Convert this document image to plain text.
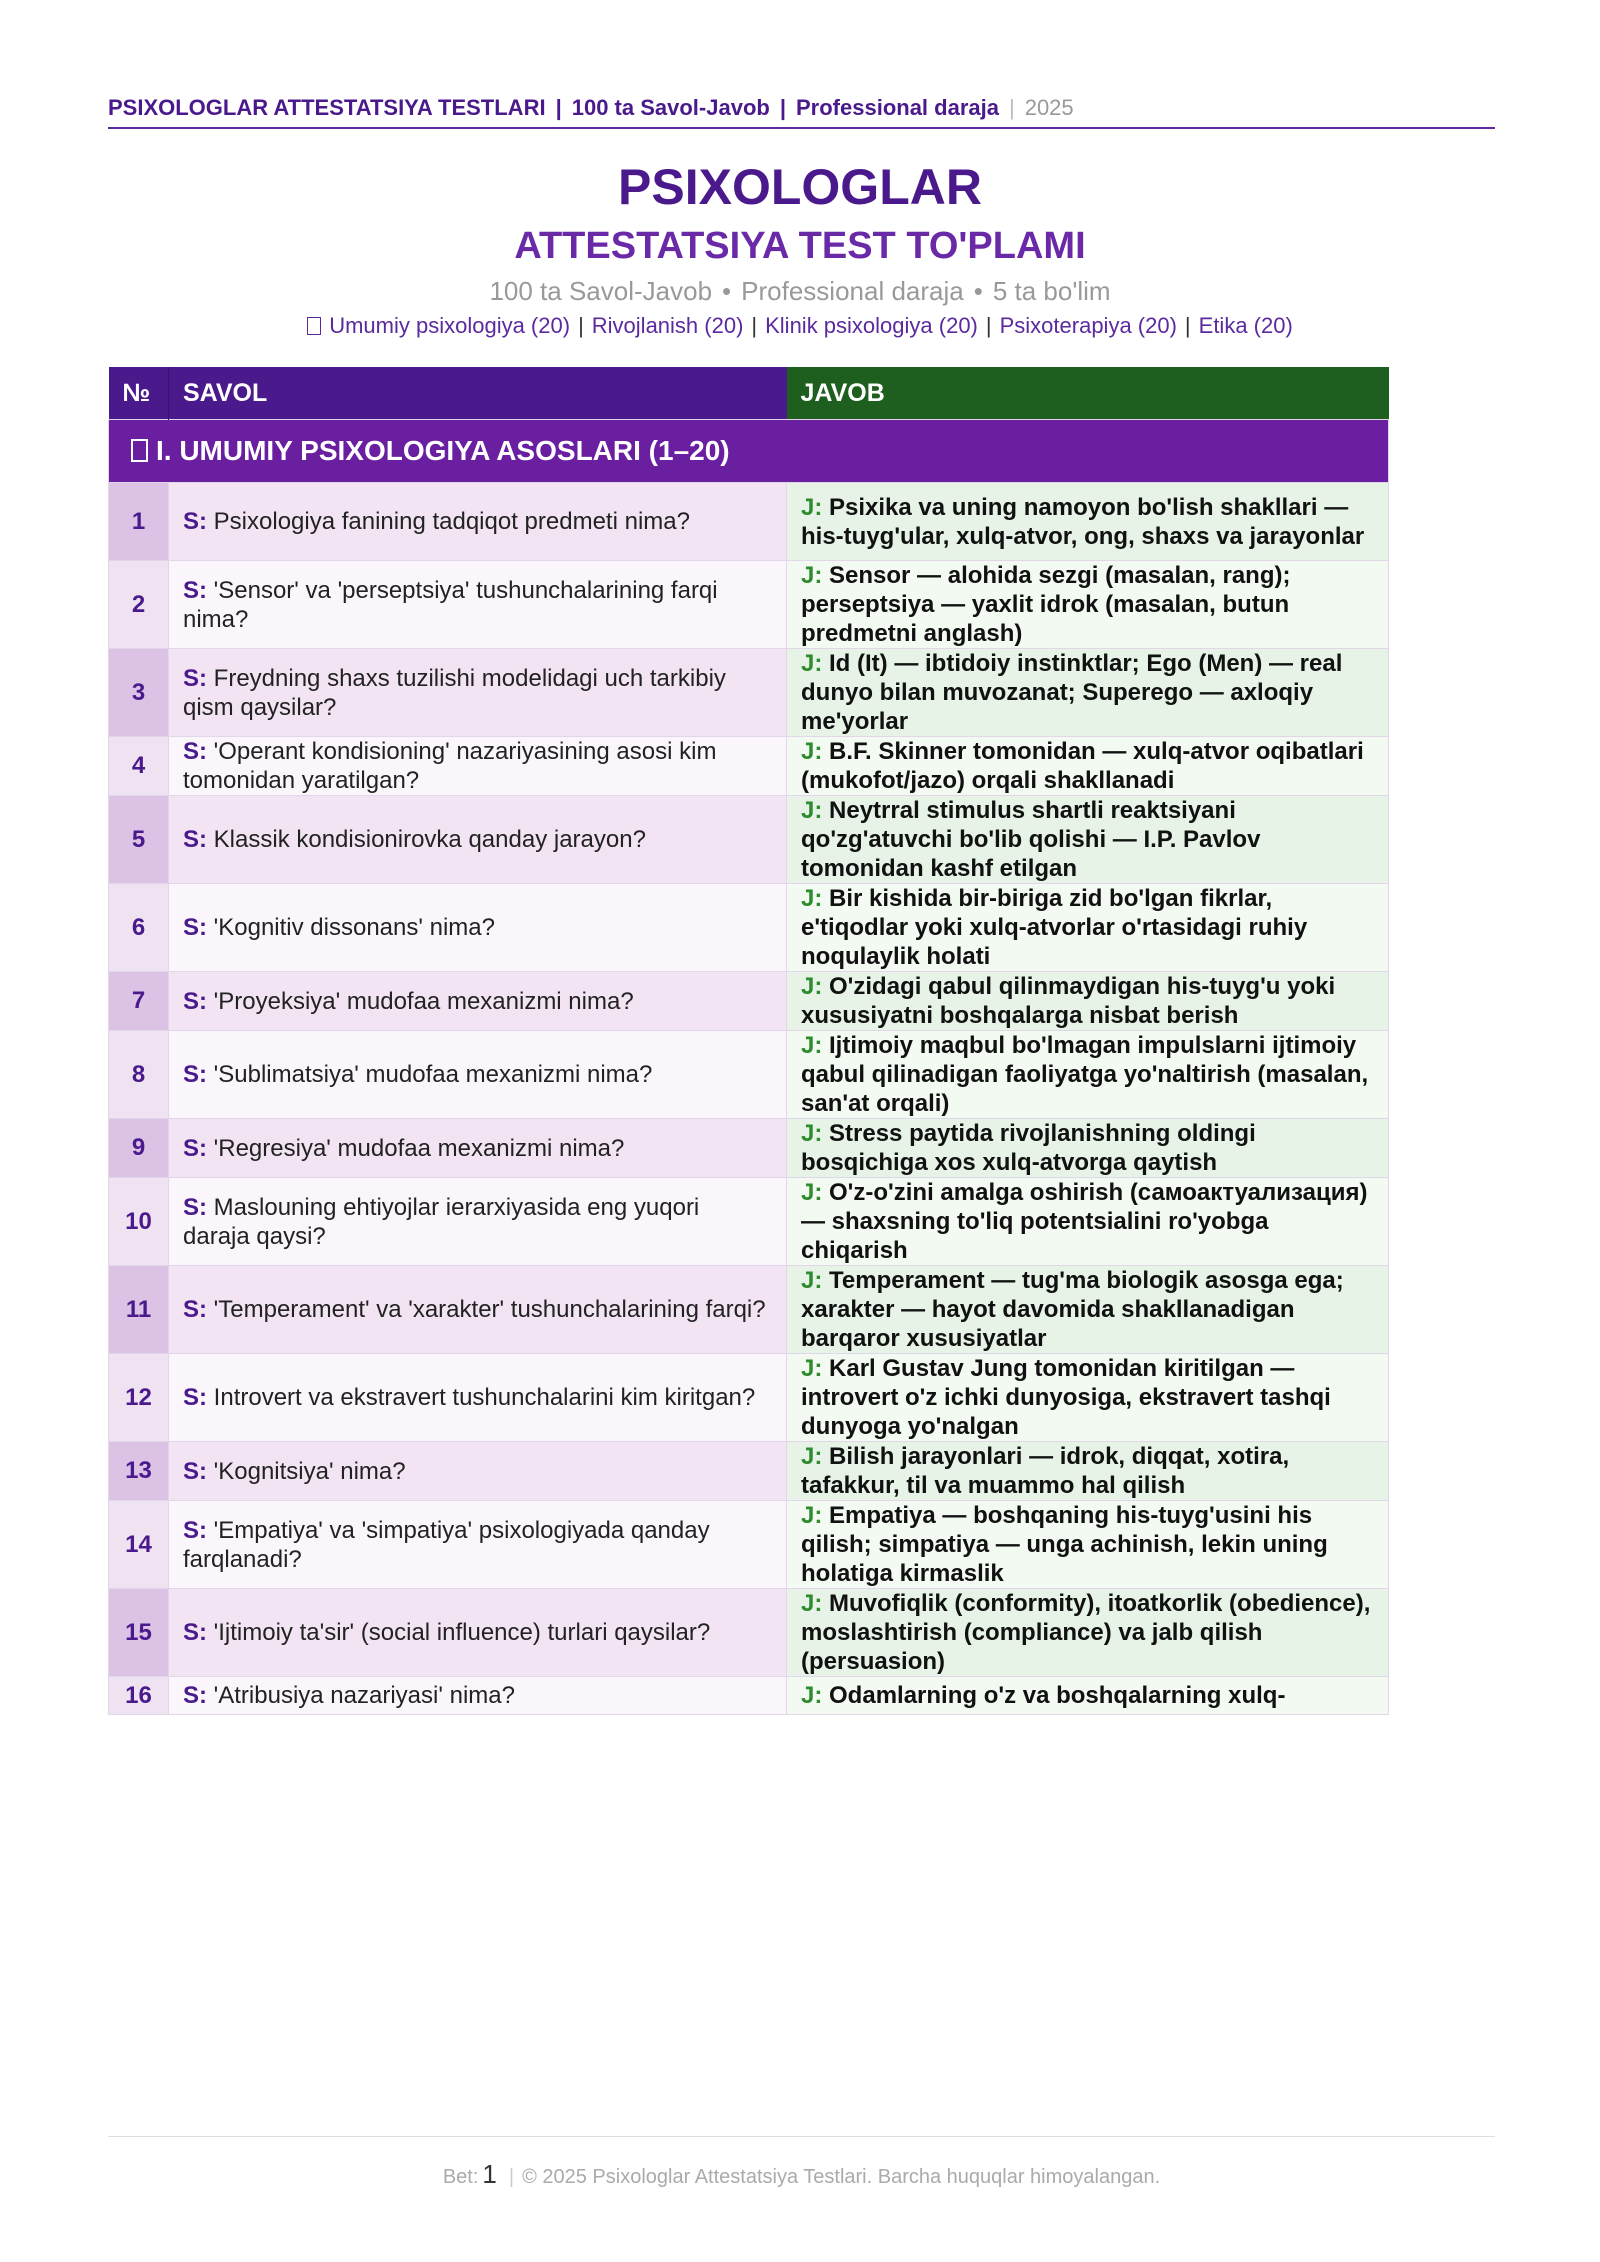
PSIXOLOGLAR ATTESTATSIYA TESTLARI | 100 ta Savol-Javob | Professional daraja | 2025
PSIXOLOGLAR
ATTESTATSIYA TEST TO'PLAMI
100 ta Savol-Javob • Professional daraja • 5 ta bo'lim
Umumiy psixologiya (20) | Rivojlanish (20) | Klinik psixologiya (20) | Psixoterapiya (20) | Etika (20)
№	SAVOL	JAVOB
I. UMUMIY PSIXOLOGIYA ASOSLARI (1–20)		
1	S: Psixologiya fanining tadqiqot predmeti nima?	J: Psixika va uning namoyon bo'lish shakllari — his-tuyg'ular, xulq-atvor, ong, shaxs va jarayonlar
2	S: 'Sensor' va 'perseptsiya' tushunchalarining farqi nima?	J: Sensor — alohida sezgi (masalan, rang); perseptsiya — yaxlit idrok (masalan, butun predmetni anglash)
3	S: Freydning shaxs tuzilishi modelidagi uch tarkibiy qism qaysilar?	J: Id (It) — ibtidoiy instinktlar; Ego (Men) — real dunyo bilan muvozanat; Superego — axloqiy me'yorlar
4	S: 'Operant kondisioning' nazariyasining asosi kim tomonidan yaratilgan?	J: B.F. Skinner tomonidan — xulq-atvor oqibatlari (mukofot/jazo) orqali shakllanadi
5	S: Klassik kondisionirovka qanday jarayon?	J: Neytrral stimulus shartli reaktsiyani qo'zg'atuvchi bo'lib qolishi — I.P. Pavlov tomonidan kashf etilgan
6	S: 'Kognitiv dissonans' nima?	J: Bir kishida bir-biriga zid bo'lgan fikrlar, e'tiqodlar yoki xulq-atvorlar o'rtasidagi ruhiy noqulaylik holati
7	S: 'Proyeksiya' mudofaa mexanizmi nima?	J: O'zidagi qabul qilinmaydigan his-tuyg'u yoki xususiyatni boshqalarga nisbat berish
8	S: 'Sublimatsiya' mudofaa mexanizmi nima?	J: Ijtimoiy maqbul bo'lmagan impulslarni ijtimoiy qabul qilinadigan faoliyatga yo'naltirish (masalan, san'at orqali)
9	S: 'Regresiya' mudofaa mexanizmi nima?	J: Stress paytida rivojlanishning oldingi bosqichiga xos xulq-atvorga qaytish
10	S: Maslouning ehtiyojlar ierarxiyasida eng yuqori daraja qaysi?	J: O'z-o'zini amalga oshirish (самоактуализация) — shaxsning to'liq potentsialini ro'yobga chiqarish
11	S: 'Temperament' va 'xarakter' tushunchalarining farqi?	J: Temperament — tug'ma biologik asosga ega; xarakter — hayot davomida shakllanadigan barqaror xususiyatlar
12	S: Introvert va ekstravert tushunchalarini kim kiritgan?	J: Karl Gustav Jung tomonidan kiritilgan — introvert o'z ichki dunyosiga, ekstravert tashqi dunyoga yo'nalgan
13	S: 'Kognitsiya' nima?	J: Bilish jarayonlari — idrok, diqqat, xotira, tafakkur, til va muammo hal qilish
14	S: 'Empatiya' va 'simpatiya' psixologiyada qanday farqlanadi?	J: Empatiya — boshqaning his-tuyg'usini his qilish; simpatiya — unga achinish, lekin uning holatiga kirmaslik
15	S: 'Ijtimoiy ta'sir' (social influence) turlari qaysilar?	J: Muvofiqlik (conformity), itoatkorlik (obedience), moslashtirish (compliance) va jalb qilish (persuasion)
16	S: 'Atribusiya nazariyasi' nima?	J: Odamlarning o'z va boshqalarning xulq-
Bet: 1 | © 2025 Psixologlar Attestatsiya Testlari. Barcha huquqlar himoyalangan.
